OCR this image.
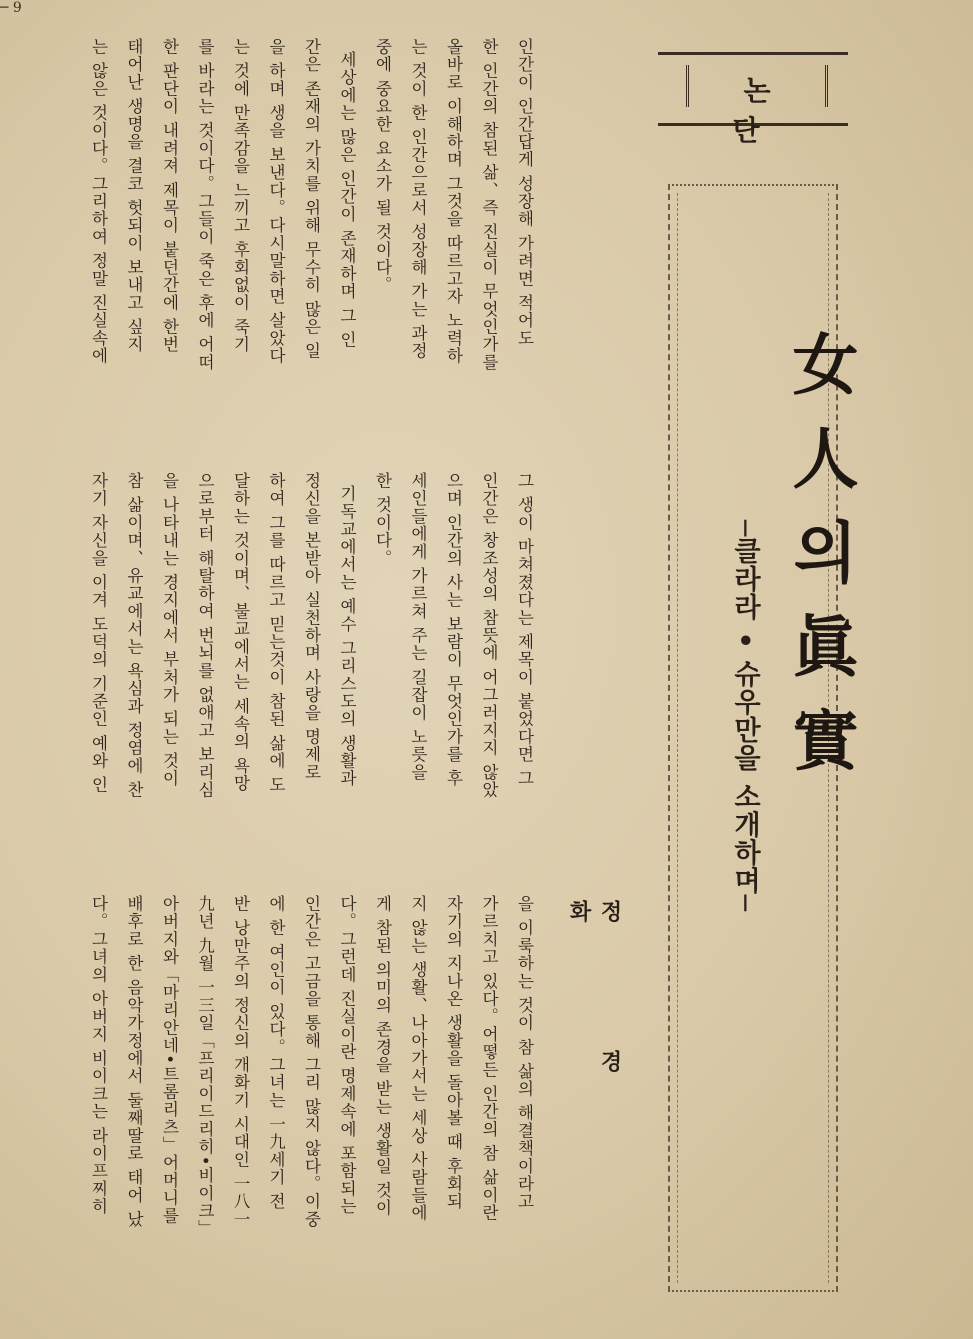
─ 9
논 단
女人의眞實
─클라라 • 슈우만을 소개하며─
정경화
인간이 인간답게 성장해 가려면 적어도
한 인간의 참된 삶、즉 진실이 무엇인가를
올바로 이해하며 그것을 따르고자 노력하
는 것이 한 인간으로서 성장해 가는 과정
중에 중요한 요소가 될 것이다。
세상에는 많은 인간이 존재하며 그 인
간은 존재의 가치를 위해 무수히 많은 일
을 하며 생을 보낸다。다시말하면 살았다
는 것에 만족감을 느끼고 후회없이 죽기
를 바라는 것이다。그들이 죽은 후에 어떠
한 판단이 내려져 제목이 붙던간에 한번
태어난 생명을 결코 헛되이 보내고 싶지
는 않은 것이다。그리하여 정말 진실속에

그 생이 마쳐졌다는 제목이 붙었다면 그
인간은 창조성의 참뜻에 어그러지지 않았
으며 인간의 사는 보람이 무엇인가를 후
세인들에게 가르쳐 주는 길잡이 노릇을
한 것이다。
기독교에서는 예수 그리스도의 생활과
정신을 본받아 실천하며 사랑을 명제로
하여 그를 따르고 믿는것이 참된 삶에 도
달하는 것이며、불교에서는 세속의 욕망
으로부터 해탈하여 번뇌를 없애고 보리심
을 나타내는 경지에서 부처가 되는 것이
참 삶이며、유교에서는 욕심과 정염에 찬
자기 자신을 이겨 도덕의 기준인 예와 인

을 이룩하는 것이 참 삶의 해결책이라고
가르치고 있다。어떻든 인간의 참 삶이란
자기의 지나온 생활을 돌아볼 때 후회되
지 않는 생활、나아가서는 세상 사람들에
게 참된 의미의 존경을 받는 생활일 것이
다。그런데 진실이란 명제속에 포함되는
인간은 고금을 통해 그리 많지 않다。이중
에 한 여인이 있다。그녀는 一九세기 전
반 낭만주의 정신의 개화기 시대인 一八一
九년 九월 一三일「프리이드리히•비이크」
아버지와「마리안네•트롬리츠」어머니를
배후로 한 음악가정에서 둘째딸로 태어 났
다。그녀의 아버지 비이크는 라이프찌히
